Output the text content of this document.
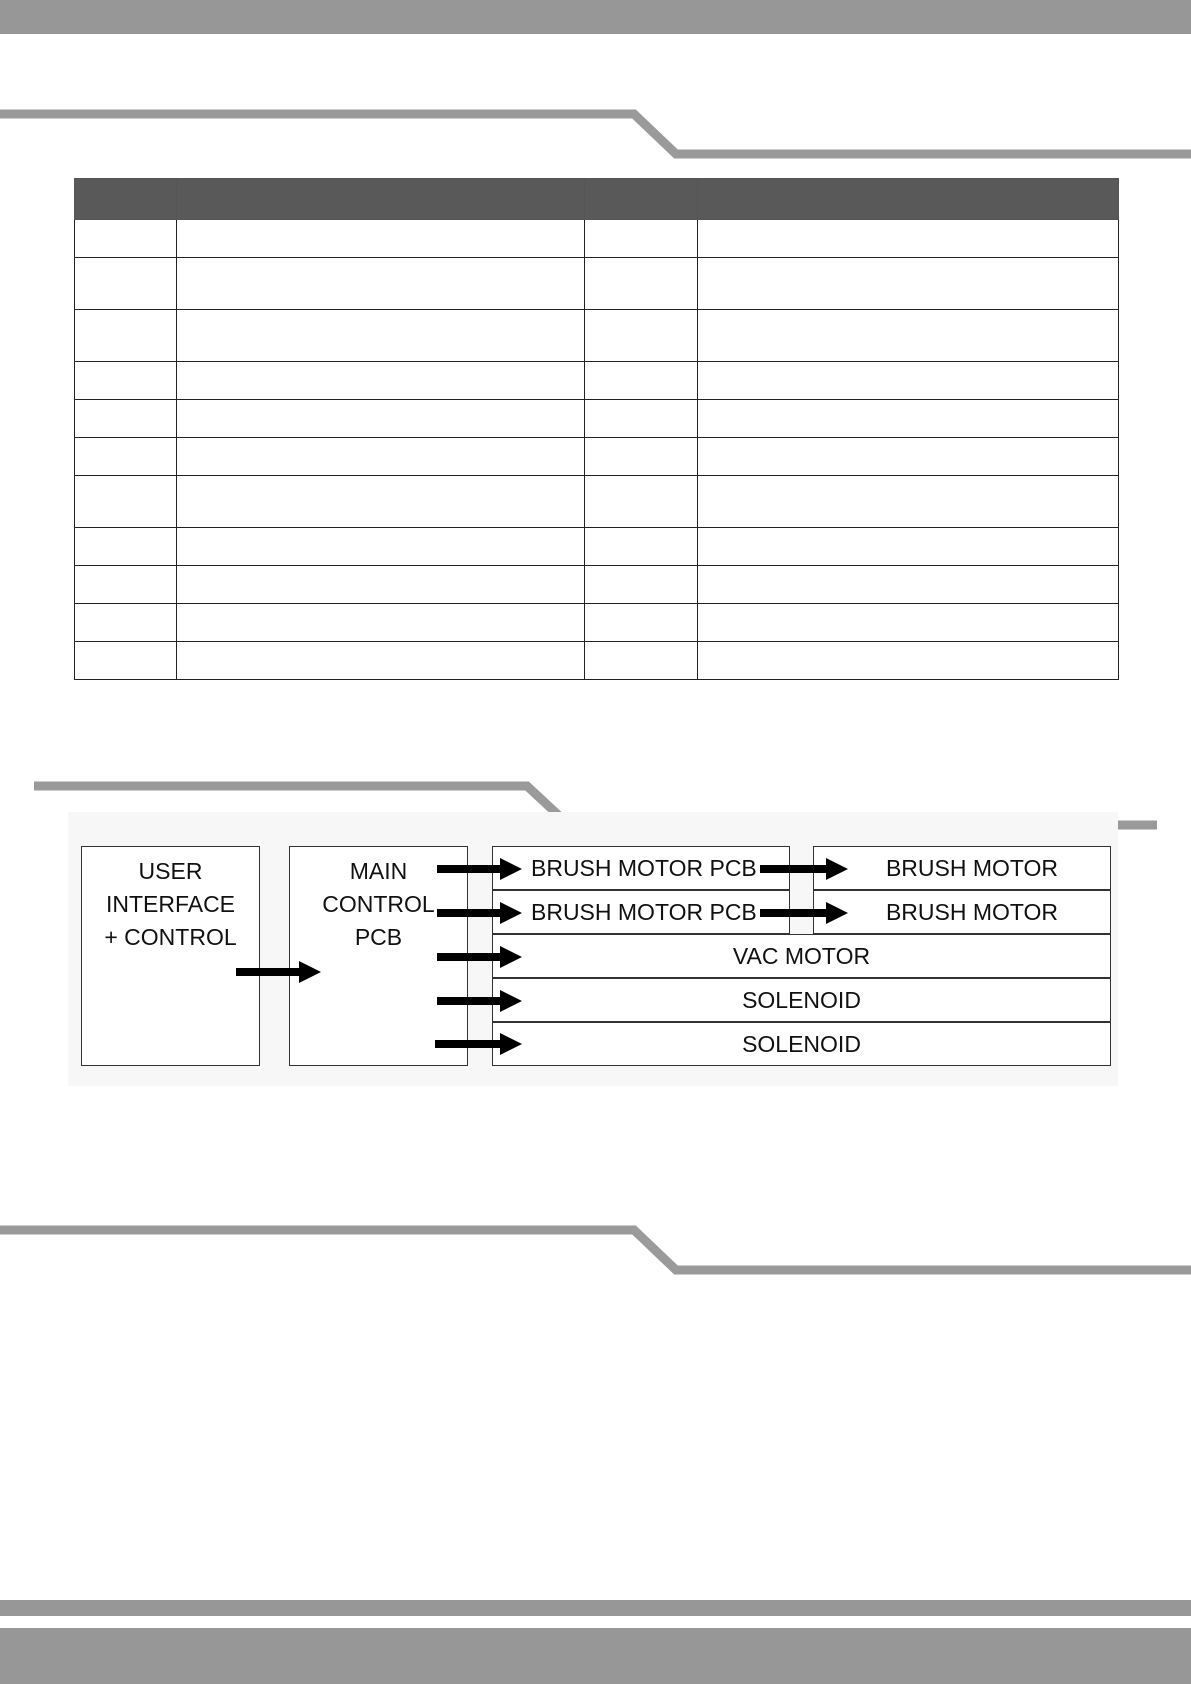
USER
INTERFACE
+ CONTROL
MAIN
CONTROL
PCB
BRUSH MOTOR PCB
BRUSH MOTOR PCB
BRUSH MOTOR
BRUSH MOTOR
VAC MOTOR
SOLENOID
SOLENOID
